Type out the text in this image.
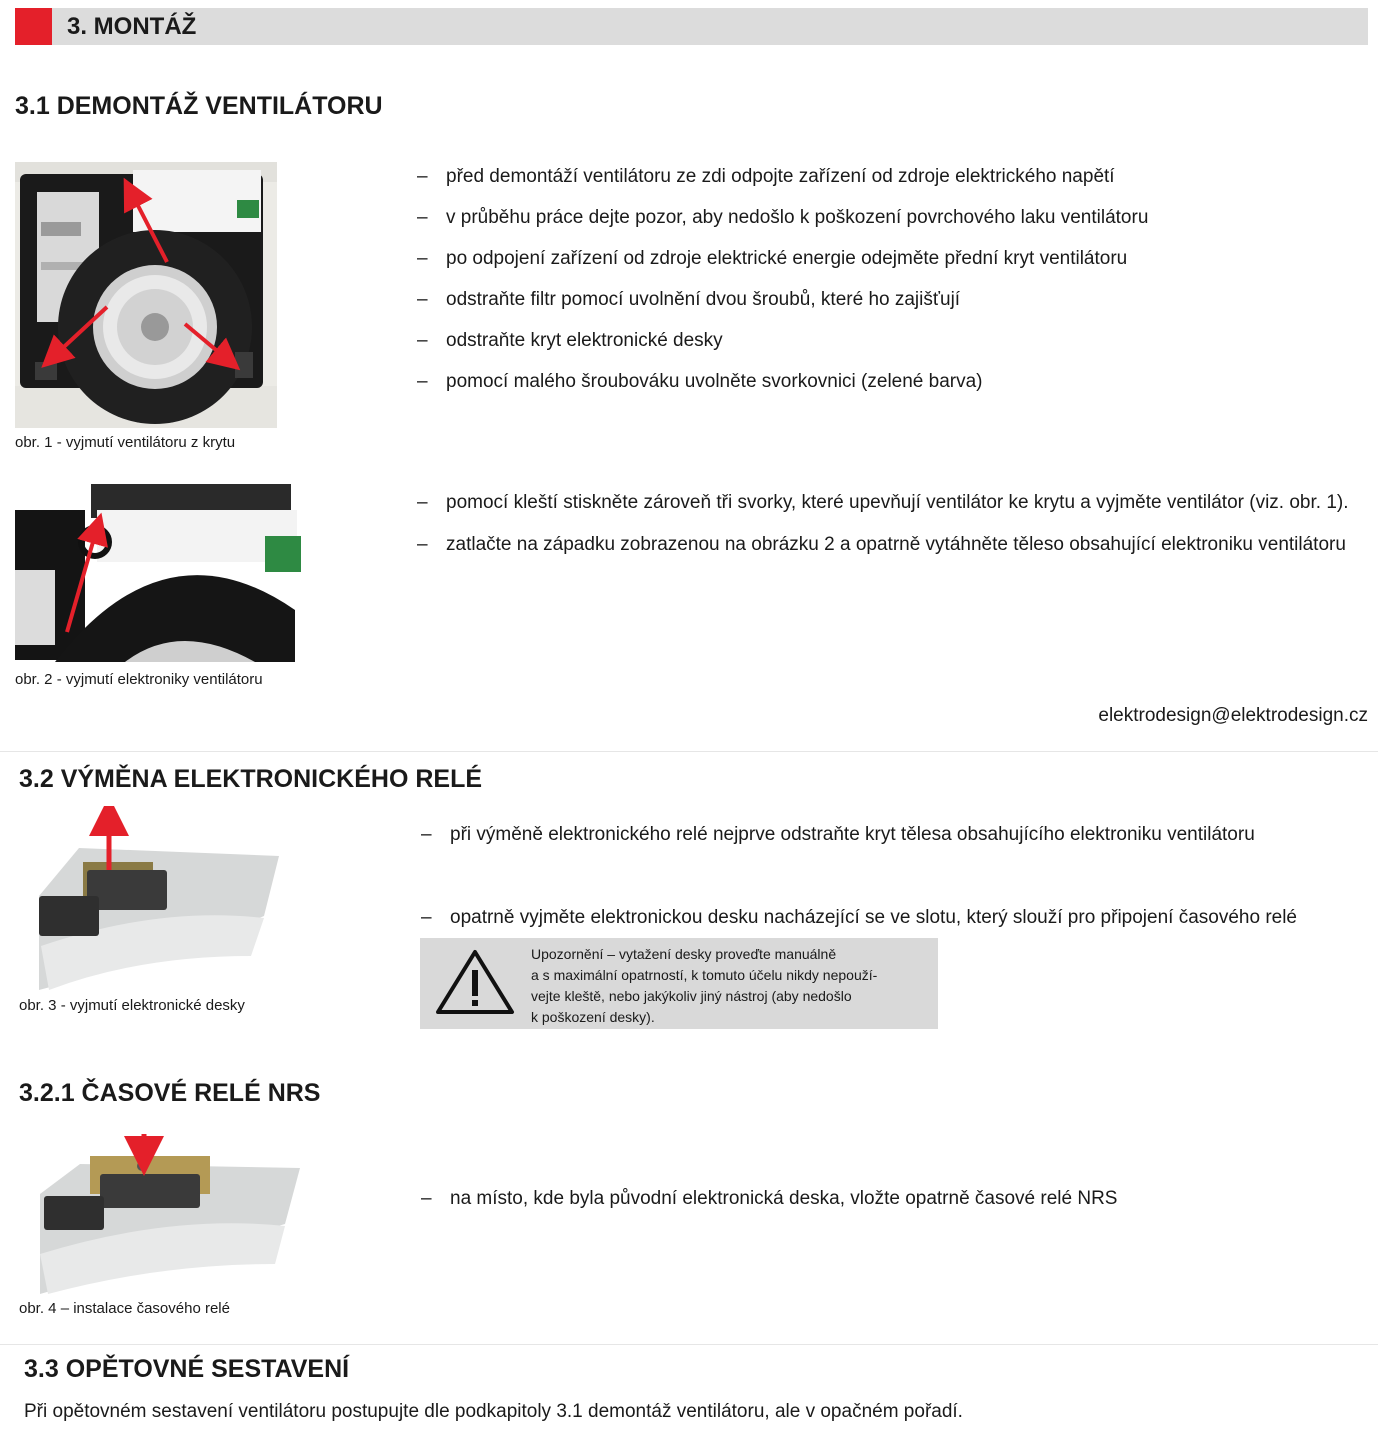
3. MONTÁŽ
3.1 DEMONTÁŽ VENTILÁTORU
obr. 1 - vyjmutí ventilátoru z krytu
– před demontáží ventilátoru ze zdi odpojte zařízení od zdroje elektrického napětí
– v průběhu práce dejte pozor, aby nedošlo k poškození povrchového laku ventilátoru
– po odpojení zařízení od zdroje elektrické energie odejměte přední kryt ventilátoru
– odstraňte filtr pomocí uvolnění dvou šroubů, které ho zajišťují
– odstraňte kryt elektronické desky
– pomocí malého šroubováku uvolněte svorkovnici (zelené barva)
obr. 2 - vyjmutí elektroniky ventilátoru
– pomocí kleští stiskněte zároveň tři svorky, které upevňují ventilátor ke krytu a vyjměte ventilátor (viz. obr. 1).
– zatlačte na západku zobrazenou na obrázku 2 a opatrně vytáhněte těleso obsahující elektroniku ventilátoru
elektrodesign@elektrodesign.cz
3.2 VÝMĚNA ELEKTRONICKÉHO RELÉ
obr. 3 - vyjmutí elektronické desky
– při výměně elektronického relé nejprve odstraňte kryt tělesa obsahujícího elektroniku ventilátoru
– opatrně vyjměte elektronickou desku nacházející se ve slotu, který slouží pro připojení časového relé
Upozornění – vytažení desky proveďte manuálně
a s maximální opatrností, k tomuto účelu nikdy nepouží-
vejte kleště, nebo jakýkoliv jiný nástroj (aby nedošlo
k poškození desky).
3.2.1 ČASOVÉ RELÉ NRS
obr. 4 – instalace časového relé
– na místo, kde byla původní elektronická deska, vložte opatrně časové relé NRS
3.3 OPĚTOVNÉ SESTAVENÍ
Při opětovném sestavení ventilátoru postupujte dle podkapitoly 3.1 demontáž ventilátoru, ale v opačném pořadí.
